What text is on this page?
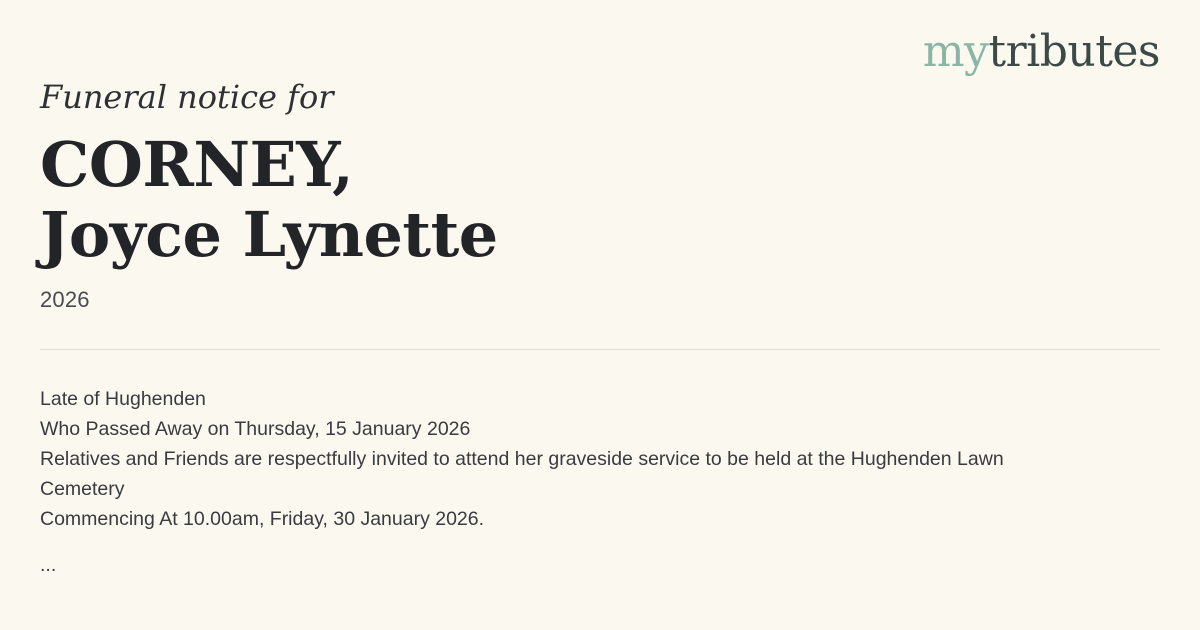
mytributes
Funeral notice for
CORNEY,
Joyce Lynette
2026

Late of Hughenden

Who Passed Away on Thursday, 15 January 2026

Relatives and Friends are respectfully invited to attend her graveside service to be held at the Hughenden Lawn Cemetery

Commencing At 10.00am, Friday, 30 January 2026.

...
